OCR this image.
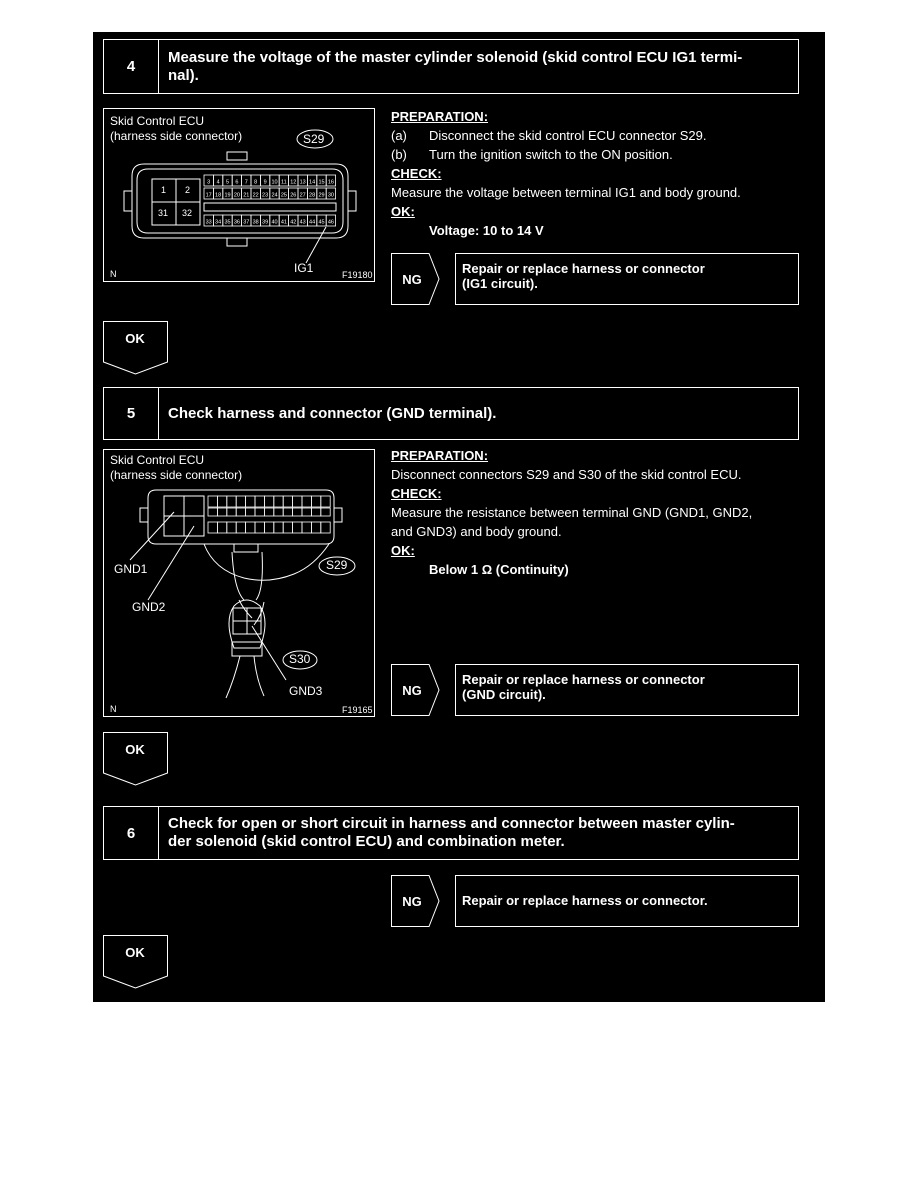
4
Measure the voltage of the master cylinder solenoid (skid control ECU IG1 termi-
nal).
Skid Control ECU
(harness side connector)
3 4 5 6 7 8 9 10 11 12 13 14 15 16
17 18 19 20 21 22 23 24 25 26 27 28 29 30
33 34 35 36 37 38 39 40 41 42 43 44 45 46
1 2
31 32
S29
IG1
N	F19180
PREPARATION:
(a)	Disconnect the skid control ECU connector S29.
(b)	Turn the ignition switch to the ON position.
CHECK:
Measure the voltage between terminal IG1 and body ground.
OK:
Voltage: 10 to 14 V
NG
Repair or replace harness or connector
(IG1 circuit).
OK
5	Check harness and connector (GND terminal).
Skid Control ECU
(harness side connector)
S29
S30
GND1
GND2
GND3
N	F19165
PREPARATION:
Disconnect connectors S29 and S30 of the skid control ECU.
CHECK:
Measure the resistance between terminal GND (GND1, GND2,
and GND3) and body ground.
OK:
Below 1 Ω (Continuity)
NG
Repair or replace harness or connector
(GND circuit).
OK
6
Check for open or short circuit in harness and connector between master cylin-
der solenoid (skid control ECU) and combination meter.
NG	Repair or replace harness or connector.
OK
